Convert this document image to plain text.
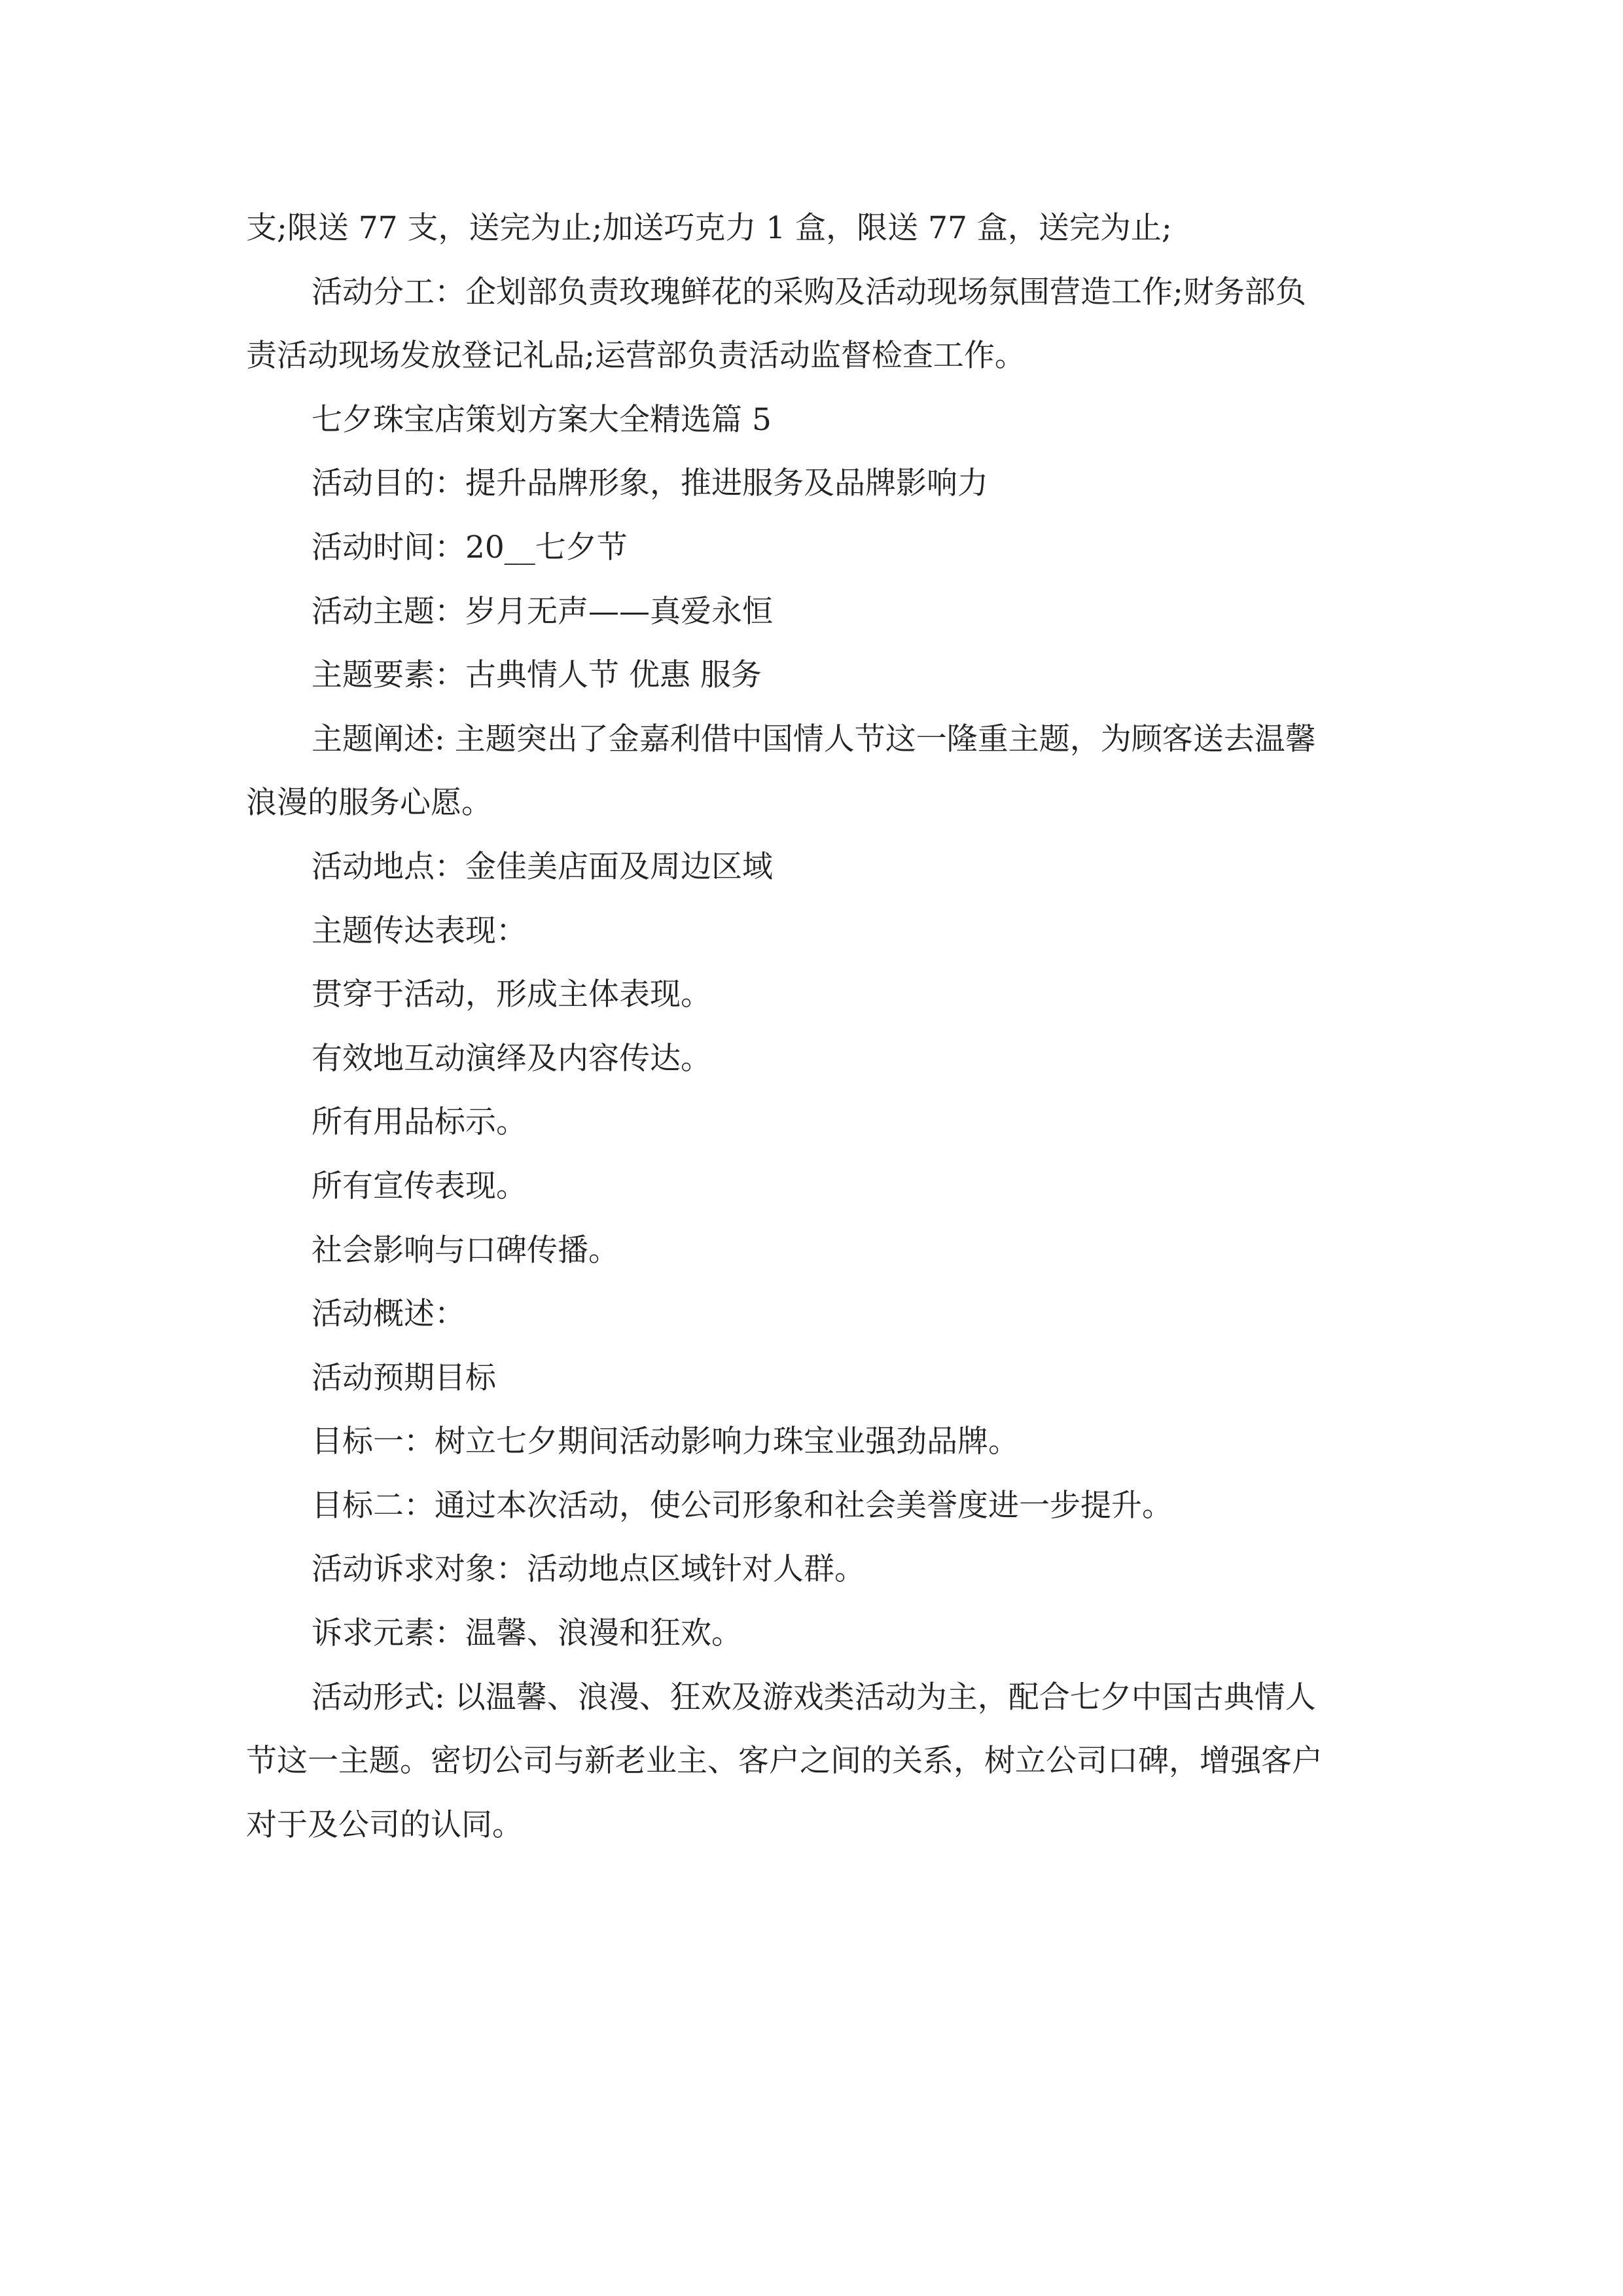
支;限送 77 支，送完为止;加送巧克力 1 盒，限送 77 盒，送完为止;
活动分工：企划部负责玫瑰鲜花的采购及活动现场氛围营造工作;财务部负
责活动现场发放登记礼品;运营部负责活动监督检查工作。
七夕珠宝店策划方案大全精选篇 5
活动目的：提升品牌形象，推进服务及品牌影响力
活动时间：20__七夕节
活动主题：岁月无声——真爱永恒
主题要素：古典情人节 优惠 服务
主题阐述: 主题突出了金嘉利借中国情人节这一隆重主题，为顾客送去温馨
浪漫的服务心愿。
活动地点：金佳美店面及周边区域
主题传达表现：
贯穿于活动，形成主体表现。
有效地互动演绎及内容传达。
所有用品标示。
所有宣传表现。
社会影响与口碑传播。
活动概述：
活动预期目标
目标一：树立七夕期间活动影响力珠宝业强劲品牌。
目标二：通过本次活动，使公司形象和社会美誉度进一步提升。
活动诉求对象：活动地点区域针对人群。
诉求元素：温馨、浪漫和狂欢。
活动形式: 以温馨、浪漫、狂欢及游戏类活动为主，配合七夕中国古典情人
节这一主题。密切公司与新老业主、客户之间的关系，树立公司口碑，增强客户
对于及公司的认同。
